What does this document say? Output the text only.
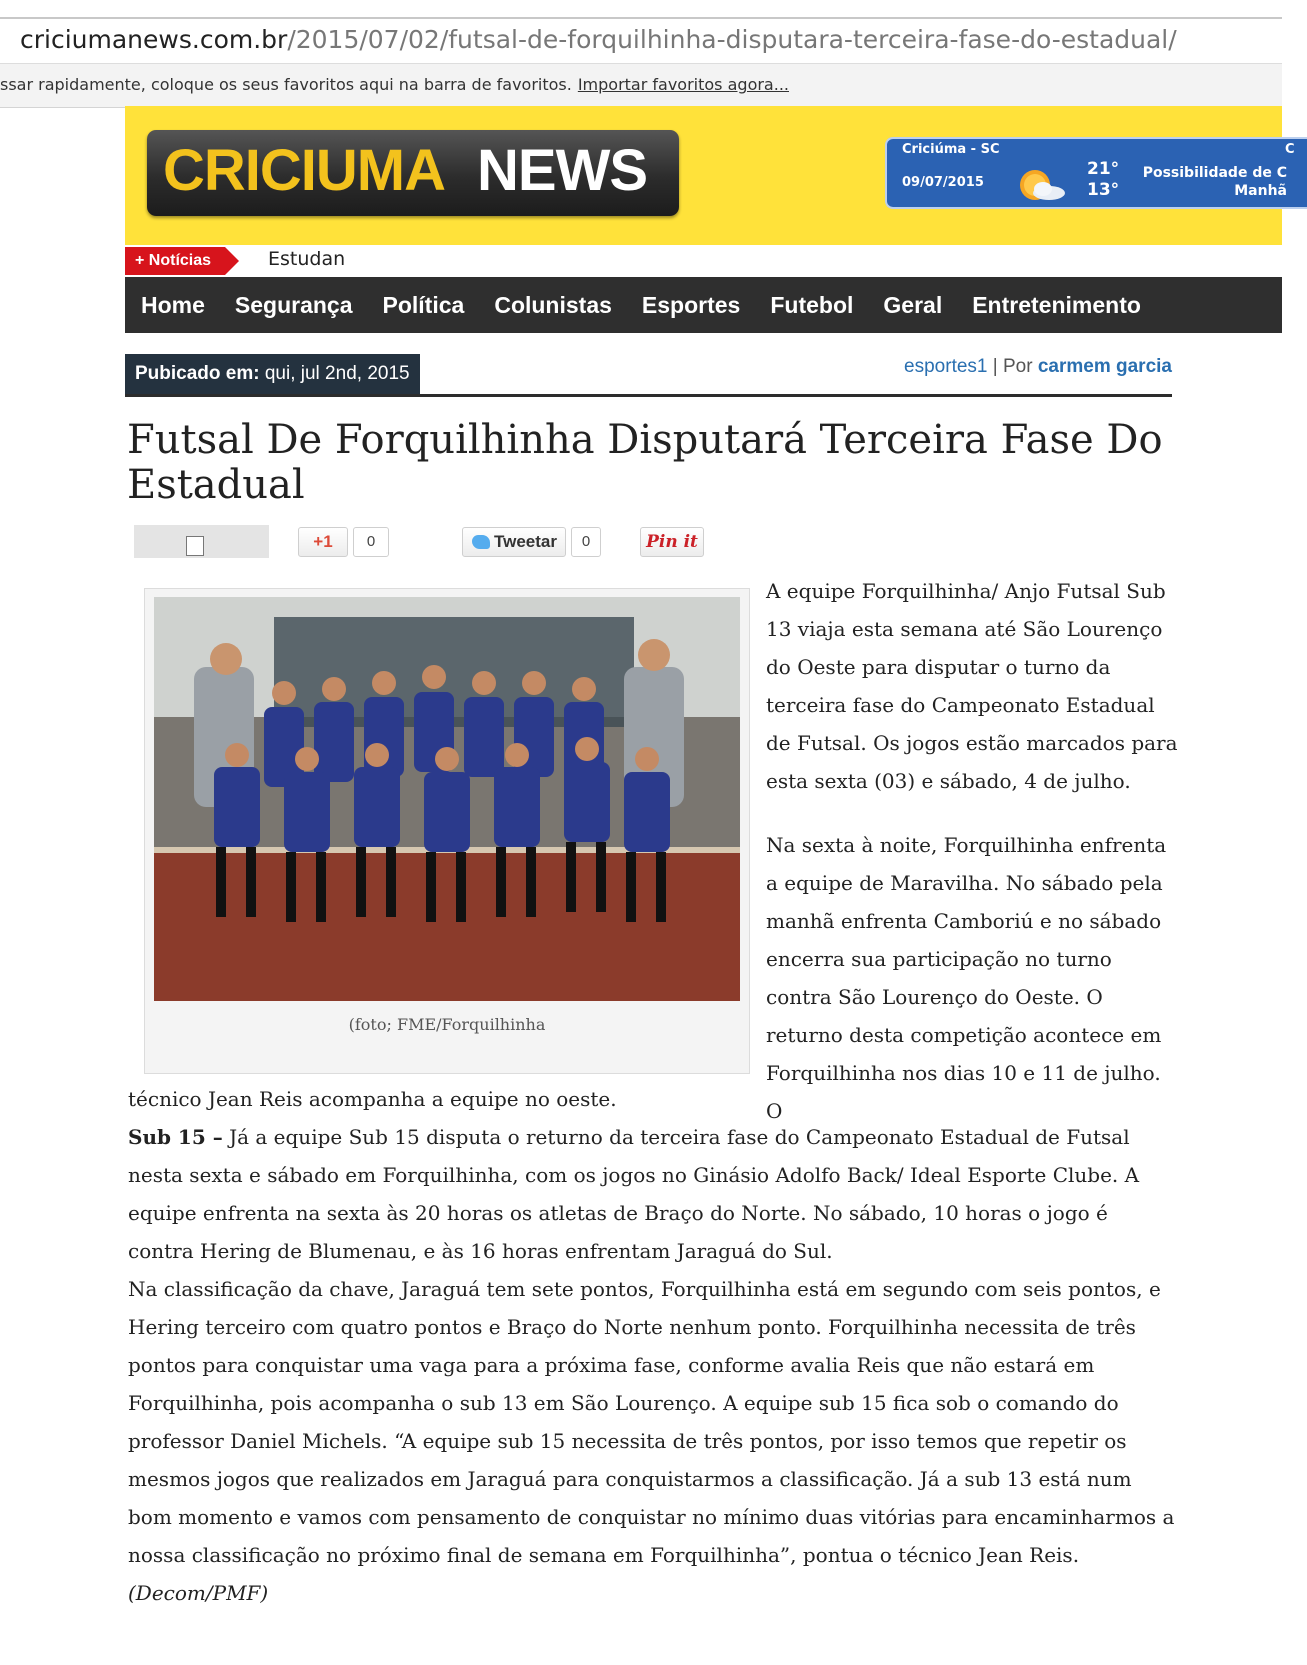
criciumanews.com.br/2015/07/02/futsal-de-forquilhinha-disputara-terceira-fase-do-estadual/
ssar rapidamente, coloque os seus favoritos aqui na barra de favoritos. Importar favoritos agora...
CRICIUMA NEWS	Criciúma - SC	C
09/07/2015
21°
13°
Possibilidade de C
Manhã
+ Notícias	Estudan
Home	Segurança	Política	Colunistas	Esportes	Futebol	Geral	Entretenimento
Pubicado em: qui, jul 2nd, 2015	esportes1 | Por carmem garcia
Futsal De Forquilhinha Disputará Terceira Fase Do Estadual
+1	0	Tweetar	0	Pin it
(foto; FME/Forquilhinha

A equipe Forquilhinha/ Anjo Futsal Sub 13 viaja esta semana até São Lourenço do Oeste para disputar o turno da terceira fase do Campeonato Estadual de Futsal. Os jogos estão marcados para esta sexta (03) e sábado, 4 de julho.

Na sexta à noite, Forquilhinha enfrenta a equipe de Maravilha. No sábado pela manhã enfrenta Camboriú e no sábado encerra sua participação no turno contra São Lourenço do Oeste. O returno desta competição acontece em Forquilhinha nos dias 10 e 11 de julho. O

técnico Jean Reis acompanha a equipe no oeste.

Sub 15 – Já a equipe Sub 15 disputa o returno da terceira fase do Campeonato Estadual de Futsal nesta sexta e sábado em Forquilhinha, com os jogos no Ginásio Adolfo Back/ Ideal Esporte Clube. A equipe enfrenta na sexta às 20 horas os atletas de Braço do Norte. No sábado, 10 horas o jogo é contra Hering de Blumenau, e às 16 horas enfrentam Jaraguá do Sul.

Na classificação da chave, Jaraguá tem sete pontos, Forquilhinha está em segundo com seis pontos, e Hering terceiro com quatro pontos e Braço do Norte nenhum ponto. Forquilhinha necessita de três pontos para conquistar uma vaga para a próxima fase, conforme avalia Reis que não estará em Forquilhinha, pois acompanha o sub 13 em São Lourenço. A equipe sub 15 fica sob o comando do professor Daniel Michels. “A equipe sub 15 necessita de três pontos, por isso temos que repetir os mesmos jogos que realizados em Jaraguá para conquistarmos a classificação. Já a sub 13 está num bom momento e vamos com pensamento de conquistar no mínimo duas vitórias para encaminharmos a nossa classificação no próximo final de semana em Forquilhinha”, pontua o técnico Jean Reis.

(Decom/PMF)
